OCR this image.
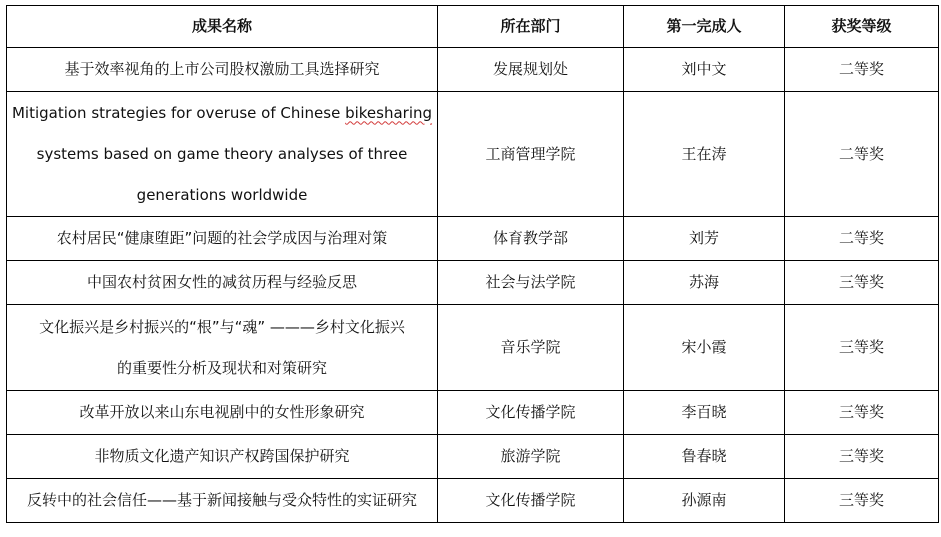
成果名称	所在部门	第一完成人	获奖等级
基于效率视角的上市公司股权激励工具选择研究	发展规划处	刘中文	二等奖
Mitigation strategies for overuse of Chinese bikesharing
systems based on game theory analyses of three
generations worldwide	工商管理学院	王在涛	二等奖
农村居民“健康堕距”问题的社会学成因与治理对策	体育教学部	刘芳	二等奖
中国农村贫困女性的减贫历程与经验反思	社会与法学院	苏海	三等奖
文化振兴是乡村振兴的“根”与“魂” ———乡村文化振兴
的重要性分析及现状和对策研究	音乐学院	宋小霞	三等奖
改革开放以来山东电视剧中的女性形象研究	文化传播学院	李百晓	三等奖
非物质文化遗产知识产权跨国保护研究	旅游学院	鲁春晓	三等奖
反转中的社会信任——基于新闻接触与受众特性的实证研究	文化传播学院	孙源南	三等奖
